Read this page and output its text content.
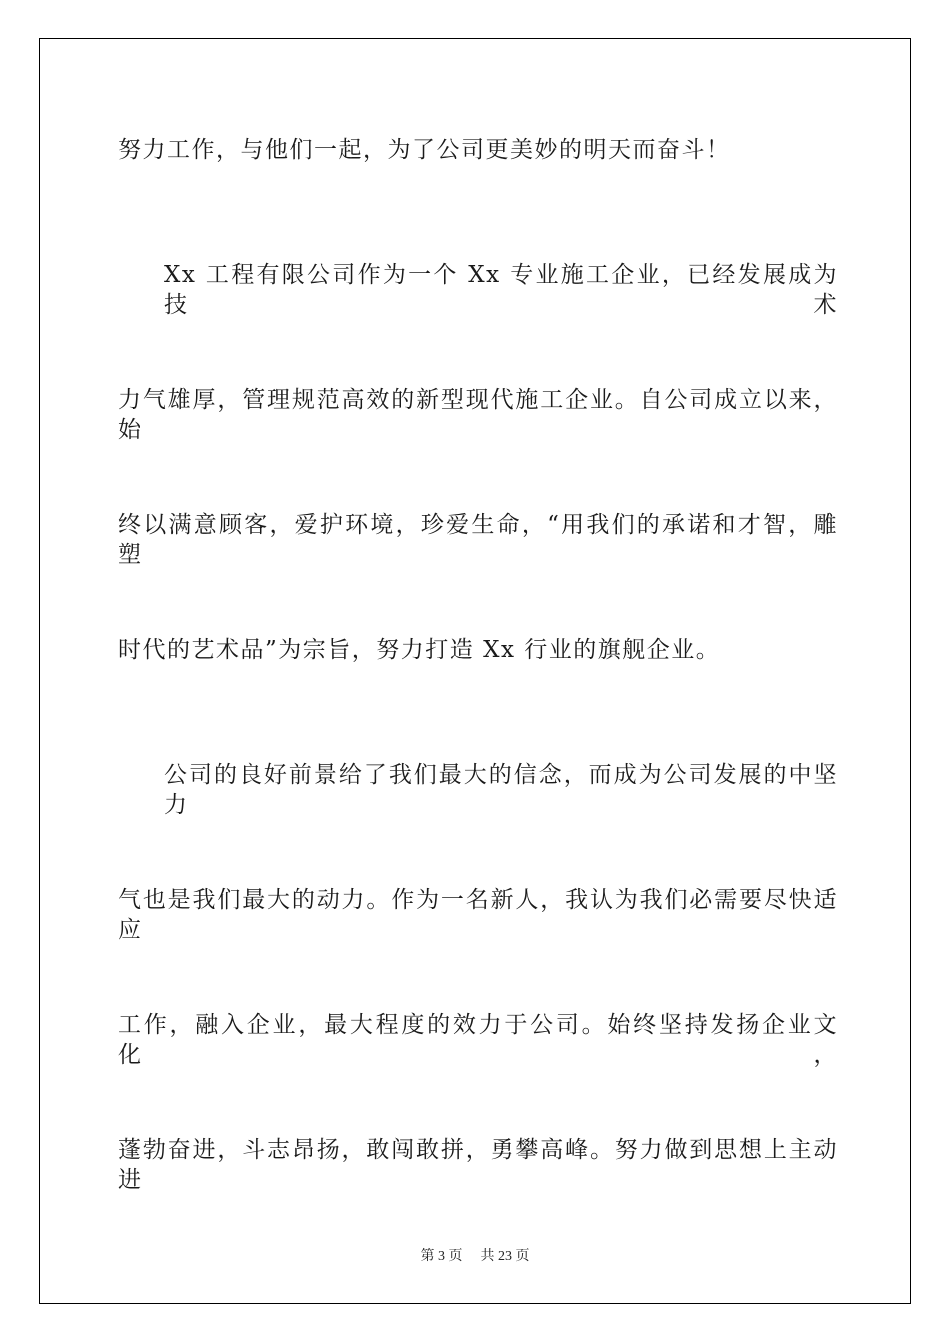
努力工作，与他们一起，为了公司更美妙的明天而奋斗！
Xx 工程有限公司作为一个 Xx 专业施工企业，已经发展成为技术
力气雄厚，管理规范高效的新型现代施工企业。自公司成立以来，始
终以满意顾客，爱护环境，珍爱生命，“用我们的承诺和才智，雕塑
时代的艺术品”为宗旨，努力打造 Xx 行业的旗舰企业。
公司的良好前景给了我们最大的信念，而成为公司发展的中坚力
气也是我们最大的动力。作为一名新人，我认为我们必需要尽快适应
工作，融入企业，最大程度的效力于公司。始终坚持发扬企业文化，
蓬勃奋进，斗志昂扬，敢闯敢拼，勇攀高峰。努力做到思想上主动进
第 3 页 共 23 页
